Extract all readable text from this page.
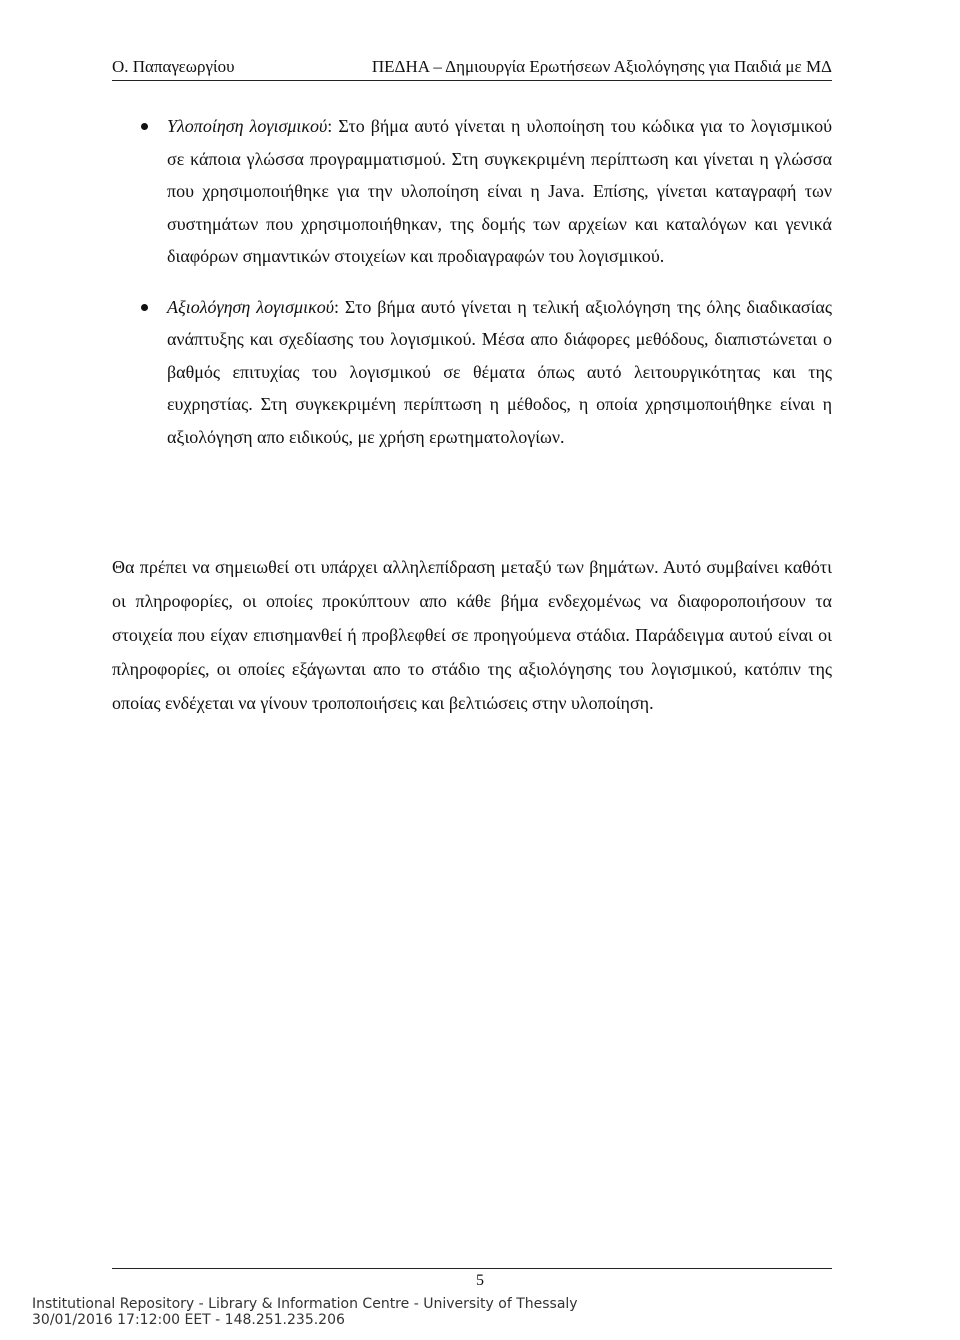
Ο. Παπαγεωργίου	ΠΕΔΗΑ – Δημιουργία Ερωτήσεων Αξιολόγησης για Παιδιά με ΜΔ
Υλοποίηση λογισμικού: Στο βήμα αυτό γίνεται η υλοποίηση του κώδικα για το λογισμικού σε κάποια γλώσσα προγραμματισμού. Στη συγκεκριμένη περίπτωση και γίνεται η γλώσσα που χρησιμοποιήθηκε για την υλοποίηση είναι η Java. Επίσης, γίνεται καταγραφή των συστημάτων που χρησιμοποιήθηκαν, της δομής των αρχείων και καταλόγων και γενικά διαφόρων σημαντικών στοιχείων και προδιαγραφών του λογισμικού.
Αξιολόγηση λογισμικού: Στο βήμα αυτό γίνεται η τελική αξιολόγηση της όλης διαδικασίας ανάπτυξης και σχεδίασης του λογισμικού. Μέσα απο διάφορες μεθόδους, διαπιστώνεται ο βαθμός επιτυχίας του λογισμικού σε θέματα όπως αυτό λειτουργικότητας και της ευχρηστίας. Στη συγκεκριμένη περίπτωση η μέθοδος, η οποία χρησιμοποιήθηκε είναι η αξιολόγηση απο ειδικούς, με χρήση ερωτηματολογίων.

Θα πρέπει να σημειωθεί οτι υπάρχει αλληλεπίδραση μεταξύ των βημάτων. Αυτό συμβαίνει καθότι οι πληροφορίες, οι οποίες προκύπτουν απο κάθε βήμα ενδεχομένως να διαφοροποιήσουν τα στοιχεία που είχαν επισημανθεί ή προβλεφθεί σε προηγούμενα στάδια. Παράδειγμα αυτού είναι οι πληροφορίες, οι οποίες εξάγωνται απο το στάδιο της αξιολόγησης του λογισμικού, κατόπιν της οποίας ενδέχεται να γίνουν τροποποιήσεις και βελτιώσεις στην υλοποίηση.

5
Institutional Repository - Library & Information Centre - University of Thessaly
30/01/2016 17:12:00 EET - 148.251.235.206
